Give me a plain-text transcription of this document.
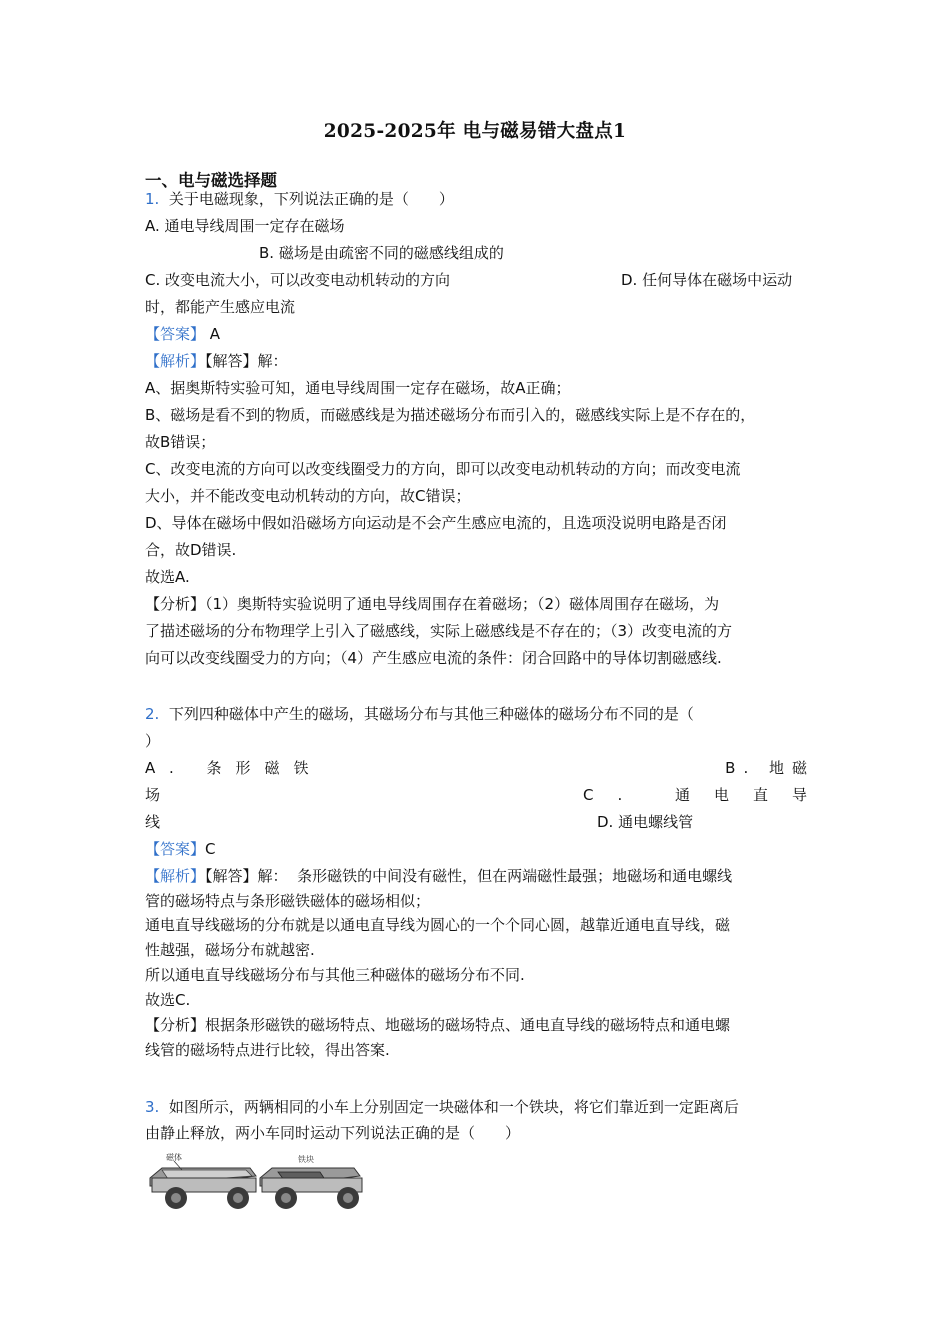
2025-2025年 电与磁易错大盘点1
一、电与磁选择题
1. 关于电磁现象，下列说法正确的是（　　）
A. 通电导线周围一定存在磁场
B. 磁场是由疏密不同的磁感线组成的
C. 改变电流大小，可以改变电动机转动的方向	D. 任何导体在磁场中运动
时，都能产生感应电流
【答案】 A
【解析】【解答】解：
A、据奥斯特实验可知，通电导线周围一定存在磁场，故A正确；
B、磁场是看不到的物质，而磁感线是为描述磁场分布而引入的，磁感线实际上是不存在的，
故B错误；
C、改变电流的方向可以改变线圈受力的方向，即可以改变电动机转动的方向；而改变电流
大小，并不能改变电动机转动的方向，故C错误；
D、导体在磁场中假如沿磁场方向运动是不会产生感应电流的，且选项没说明电路是否闭
合，故D错误.
故选A.
【分析】（1）奥斯特实验说明了通电导线周围存在着磁场；（2）磁体周围存在磁场，为
了描述磁场的分布物理学上引入了磁感线，实际上磁感线是不存在的；（3）改变电流的方
向可以改变线圈受力的方向；（4）产生感应电流的条件：闭合回路中的导体切割磁感线.
2. 下列四种磁体中产生的磁场，其磁场分布与其他三种磁体的磁场分布不同的是（
）
A. 条形磁铁	B. 地磁
场	C. 通电直导
线	D. 通电螺线管
【答案】C
【解析】【解答】解： 条形磁铁的中间没有磁性，但在两端磁性最强；地磁场和通电螺线
管的磁场特点与条形磁铁磁体的磁场相似；
通电直导线磁场的分布就是以通电直导线为圆心的一个个同心圆，越靠近通电直导线，磁
性越强，磁场分布就越密.
所以通电直导线磁场分布与其他三种磁体的磁场分布不同.
故选C.
【分析】根据条形磁铁的磁场特点、地磁场的磁场特点、通电直导线的磁场特点和通电螺
线管的磁场特点进行比较，得出答案.
3. 如图所示，两辆相同的小车上分别固定一块磁体和一个铁块，将它们靠近到一定距离后
由静止释放，两小车同时运动下列说法正确的是（　　）
磁体	铁块
